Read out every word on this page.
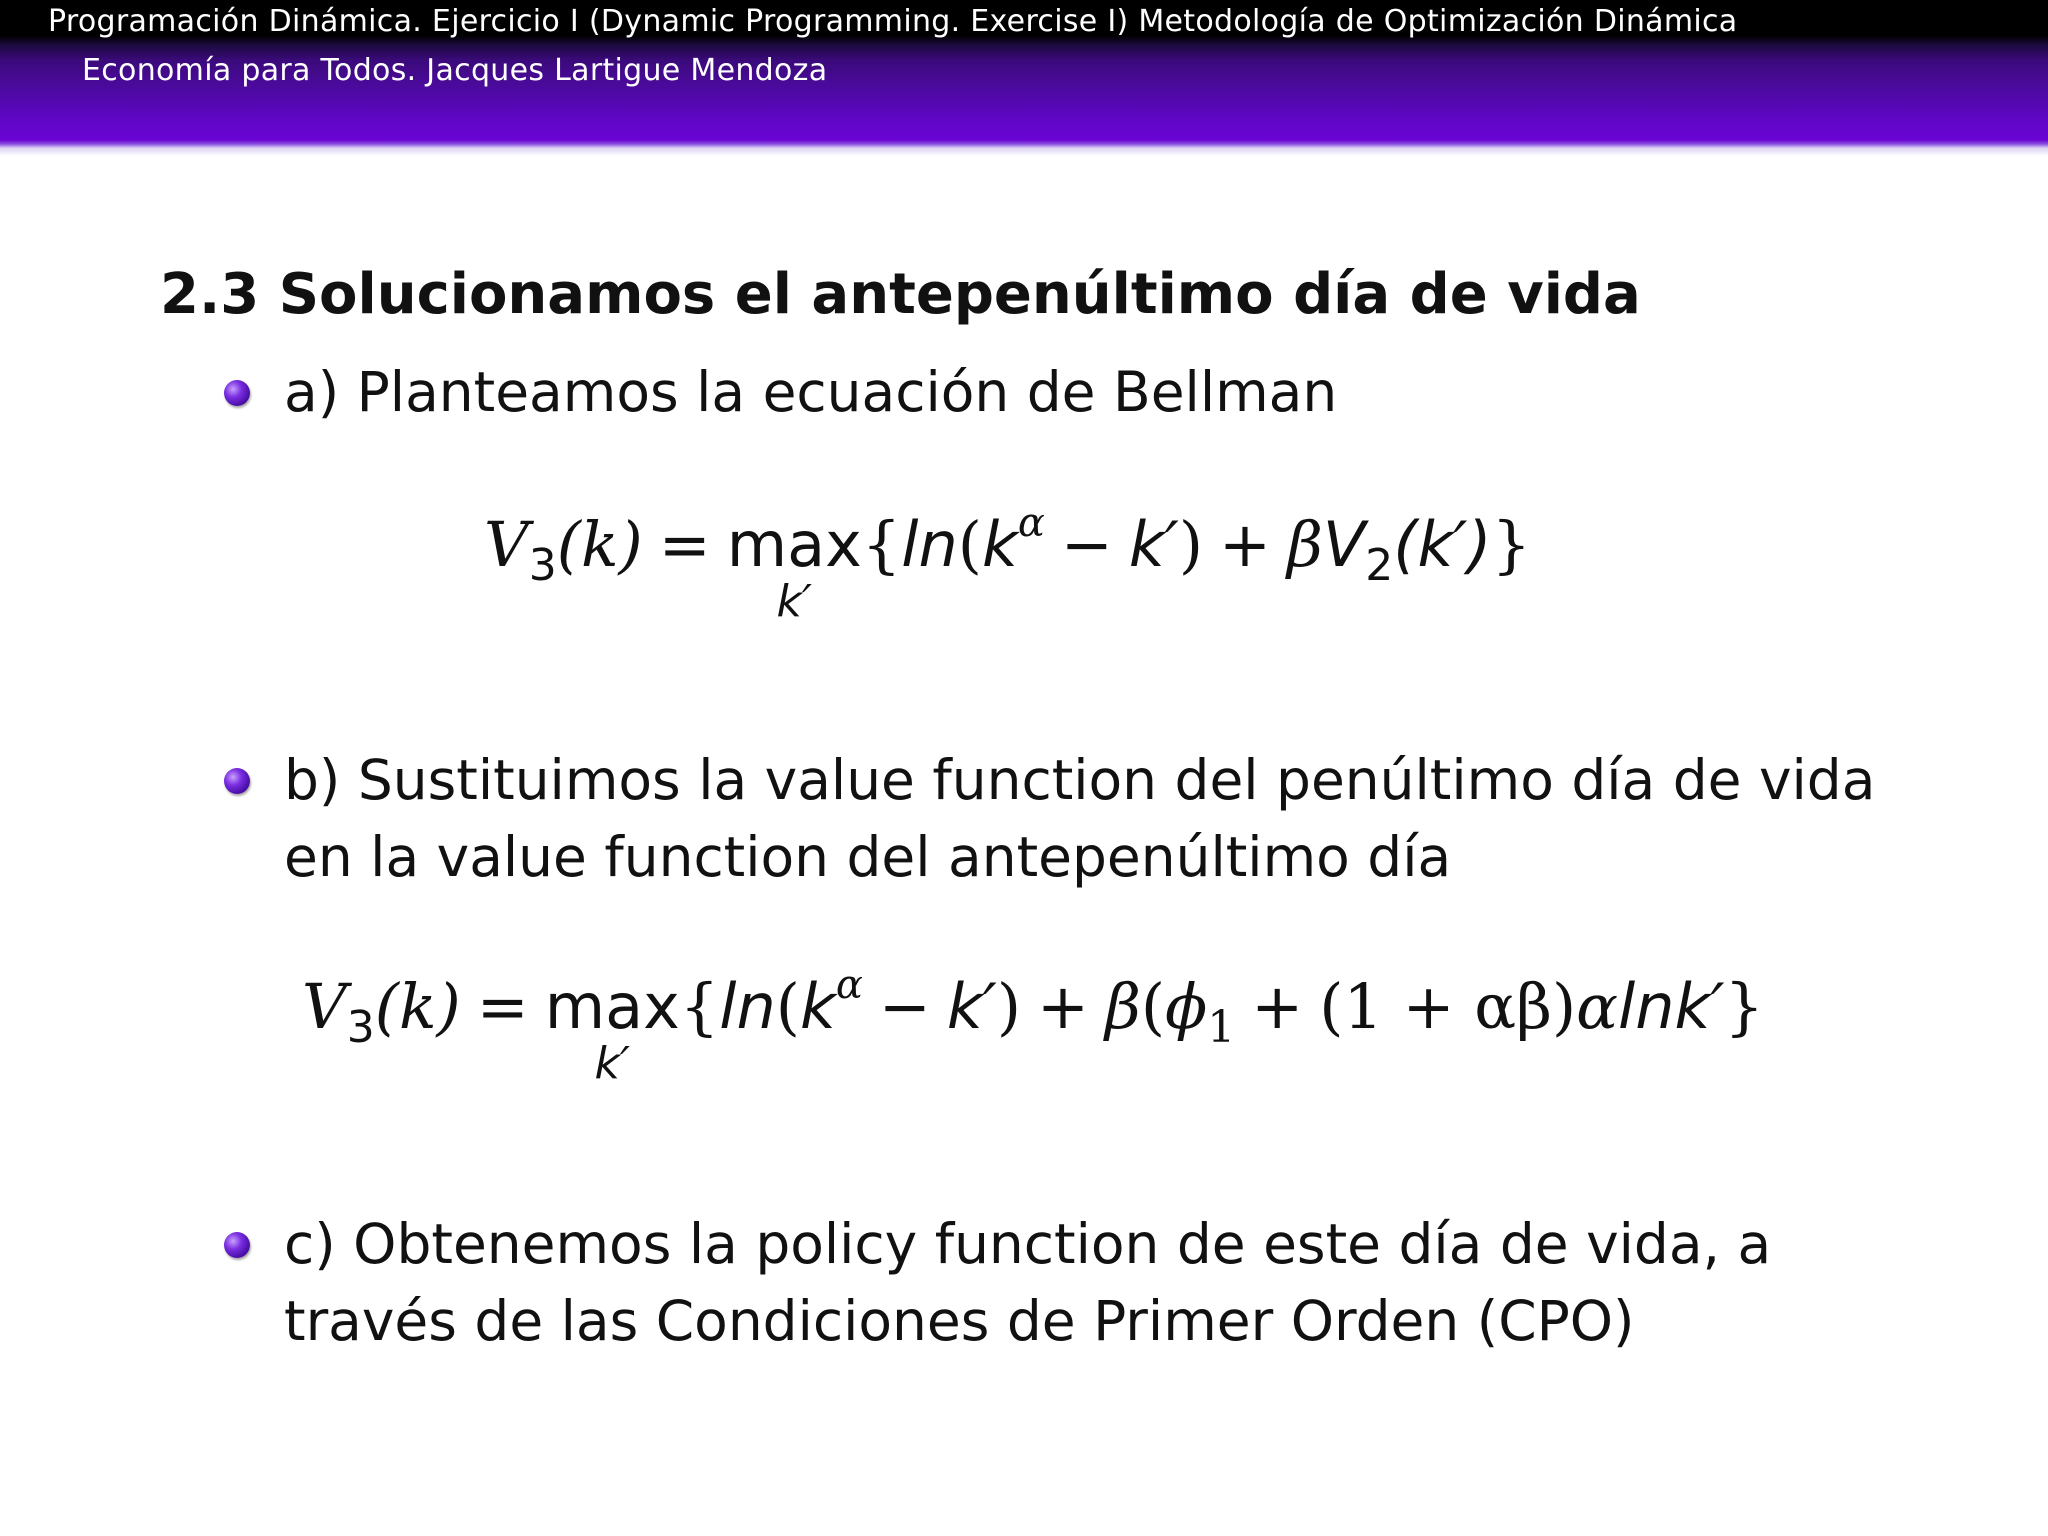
Programación Dinámica. Ejercicio I (Dynamic Programming. Exercise I) Metodología de Optimización Dinámica
Economía para Todos. Jacques Lartigue Mendoza
2.3 Solucionamos el antepenúltimo día de vida
a) Planteamos la ecuación de Bellman
V 3 (k) = max
k′
{ ln ( k α − k′ ) + β V 2 (k′) }
b) Sustituimos la value function del penúltimo día de vida en la value function del antepenúltimo día
V 3 (k) = max
k′
{ ln ( k α − k′ ) + β ( ϕ 1 + (1 + αβ) α lnk′ }
c) Obtenemos la policy function de este día de vida, a través de las Condiciones de Primer Orden (CPO)
